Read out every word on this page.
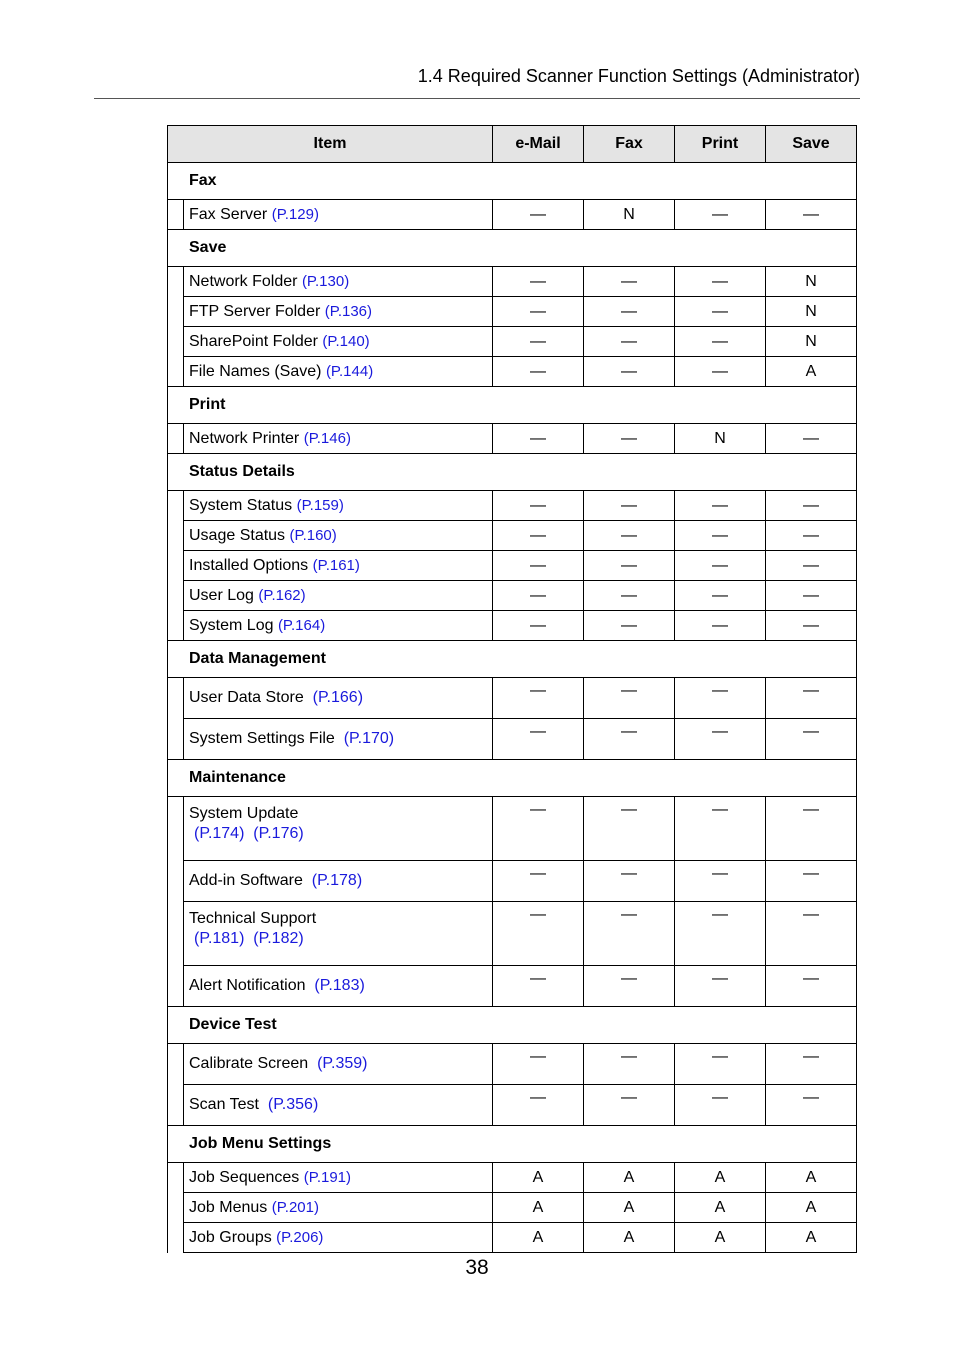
1.4 Required Scanner Function Settings (Administrator)
Item		e-Mail	Fax	Print	Save
Fax					
	Fax Server (P.129)	—	N	—	—
Save					
	Network Folder (P.130)	—	—	—	N
	FTP Server Folder (P.136)	—	—	—	N
	SharePoint Folder (P.140)	—	—	—	N
	File Names (Save) (P.144)	—	—	—	A
Print					
	Network Printer (P.146)	—	—	N	—
Status Details					
	System Status (P.159)	—	—	—	—
	Usage Status (P.160)	—	—	—	—
	Installed Options (P.161)	—	—	—	—
	User Log (P.162)	—	—	—	—
	System Log (P.164)	—	—	—	—
Data Management					
	User Data Store (P.166)	—	—	—	—
	System Settings File (P.170)	—	—	—	—
Maintenance					
	System Update
(P.174) (P.176)	—	—	—	—
	Add-in Software (P.178)	—	—	—	—
	Technical Support
(P.181) (P.182)	—	—	—	—
	Alert Notification (P.183)	—	—	—	—
Device Test					
	Calibrate Screen (P.359)	—	—	—	—
	Scan Test (P.356)	—	—	—	—
Job Menu Settings					
	Job Sequences (P.191)	A	A	A	A
	Job Menus (P.201)	A	A	A	A
	Job Groups (P.206)	A	A	A	A
38
